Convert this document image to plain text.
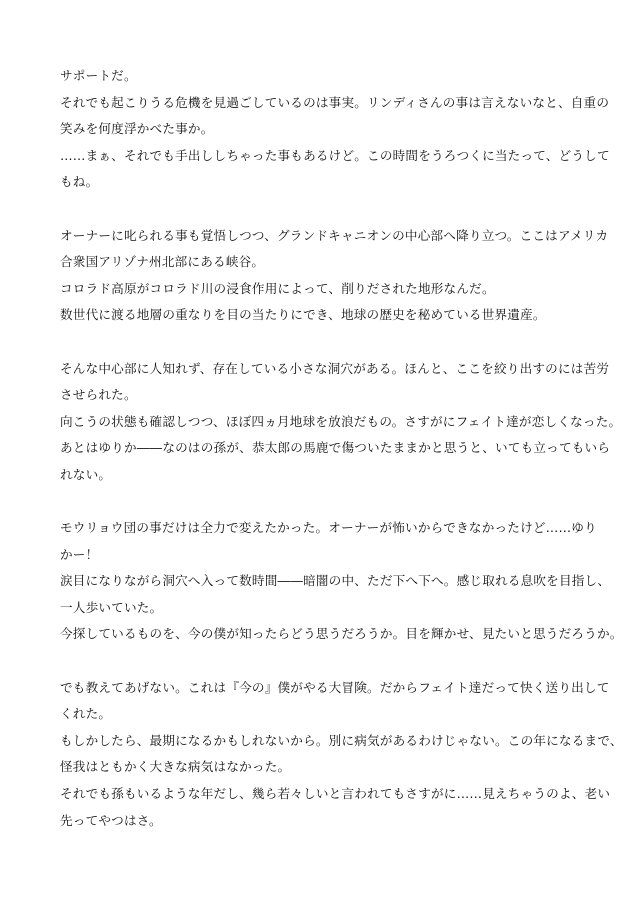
サポートだ。
それでも起こりうる危機を見過ごしているのは事実。リンディさんの事は言えないなと、自重の
笑みを何度浮かべた事か。
……まぁ、それでも手出ししちゃった事もあるけど。この時間をうろつくに当たって、どうして
もね。
オーナーに叱られる事も覚悟しつつ、グランドキャニオンの中心部へ降り立つ。ここはアメリカ
合衆国アリゾナ州北部にある峡谷。
コロラド高原がコロラド川の浸食作用によって、削りだされた地形なんだ。
数世代に渡る地層の重なりを目の当たりにでき、地球の歴史を秘めている世界遺産。
そんな中心部に人知れず、存在している小さな洞穴がある。ほんと、ここを絞り出すのには苦労
させられた。
向こうの状態も確認しつつ、ほぼ四ヵ月地球を放浪だもの。さすがにフェイト達が恋しくなった。
あとはゆりか――なのはの孫が、恭太郎の馬鹿で傷ついたままかと思うと、いても立ってもいら
れない。
モウリョウ団の事だけは全力で変えたかった。オーナーが怖いからできなかったけど……ゆり
かー！
涙目になりながら洞穴へ入って数時間――暗闇の中、ただ下へ下へ。感じ取れる息吹を目指し、
一人歩いていた。
今探しているものを、今の僕が知ったらどう思うだろうか。目を輝かせ、見たいと思うだろうか。
でも教えてあげない。これは『今の』僕がやる大冒険。だからフェイト達だって快く送り出して
くれた。
もしかしたら、最期になるかもしれないから。別に病気があるわけじゃない。この年になるまで、
怪我はともかく大きな病気はなかった。
それでも孫もいるような年だし、幾ら若々しいと言われてもさすがに……見えちゃうのよ、老い
先ってやつはさ。
